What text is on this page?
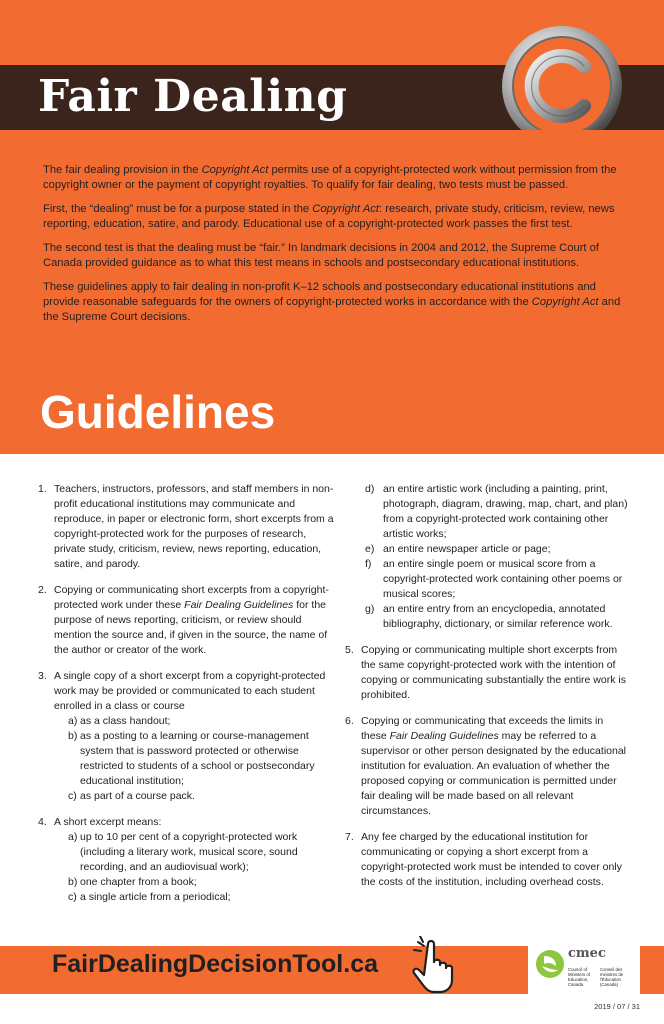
Fair Dealing

The fair dealing provision in the Copyright Act permits use of a copyright-protected work without permission from the copyright owner or the payment of copyright royalties. To qualify for fair dealing, two tests must be passed.

First, the “dealing” must be for a purpose stated in the Copyright Act: research, private study, criticism, review, news reporting, education, satire, and parody. Educational use of a copyright-protected work passes the first test.

The second test is that the dealing must be “fair.” In landmark decisions in 2004 and 2012, the Supreme Court of Canada provided guidance as to what this test means in schools and postsecondary educational institutions.

These guidelines apply to fair dealing in non-profit K–12 schools and postsecondary educational institutions and provide reasonable safeguards for the owners of copyright-protected works in accordance with the Copyright Act and the Supreme Court decisions.

Guidelines
1. Teachers, instructors, professors, and staff members in non-profit educational institutions may communicate and reproduce, in paper or electronic form, short excerpts from a copyright-protected work for the purposes of research, private study, criticism, review, news reporting, education, satire, and parody.
2. Copying or communicating short excerpts from a copyright-protected work under these Fair Dealing Guidelines for the purpose of news reporting, criticism, or review should mention the source and, if given in the source, the name of the author or creator of the work.
3. A single copy of a short excerpt from a copyright-protected work may be provided or communicated to each student enrolled in a class or course
a) as a class handout;
b) as a posting to a learning or course-management system that is password protected or otherwise restricted to students of a school or postsecondary educational institution;
c) as part of a course pack.
4. A short excerpt means:
a) up to 10 per cent of a copyright-protected work (including a literary work, musical score, sound recording, and an audiovisual work);
b) one chapter from a book;
c) a single article from a periodical;
d) an entire artistic work (including a painting, print, photograph, diagram, drawing, map, chart, and plan) from a copyright-protected work containing other artistic works;
e) an entire newspaper article or page;
f) an entire single poem or musical score from a copyright-protected work containing other poems or musical scores;
g) an entire entry from an encyclopedia, annotated bibliography, dictionary, or similar reference work.
5. Copying or communicating multiple short excerpts from the same copyright-protected work with the intention of copying or communicating substantially the entire work is prohibited.
6. Copying or communicating that exceeds the limits in these Fair Dealing Guidelines may be referred to a supervisor or other person designated by the educational institution for evaluation. An evaluation of whether the proposed copying or communication is permitted under fair dealing will be made based on all relevant circumstances.
7. Any fee charged by the educational institution for communicating or copying a short excerpt from a copyright-protected work must be intended to cover only the costs of the institution, including overhead costs.
FairDealingDecisionTool.ca	cmec
Council of Ministers of Education, Canada
Conseil des ministres de l'Éducation (Canada)
2019 / 07 / 31
